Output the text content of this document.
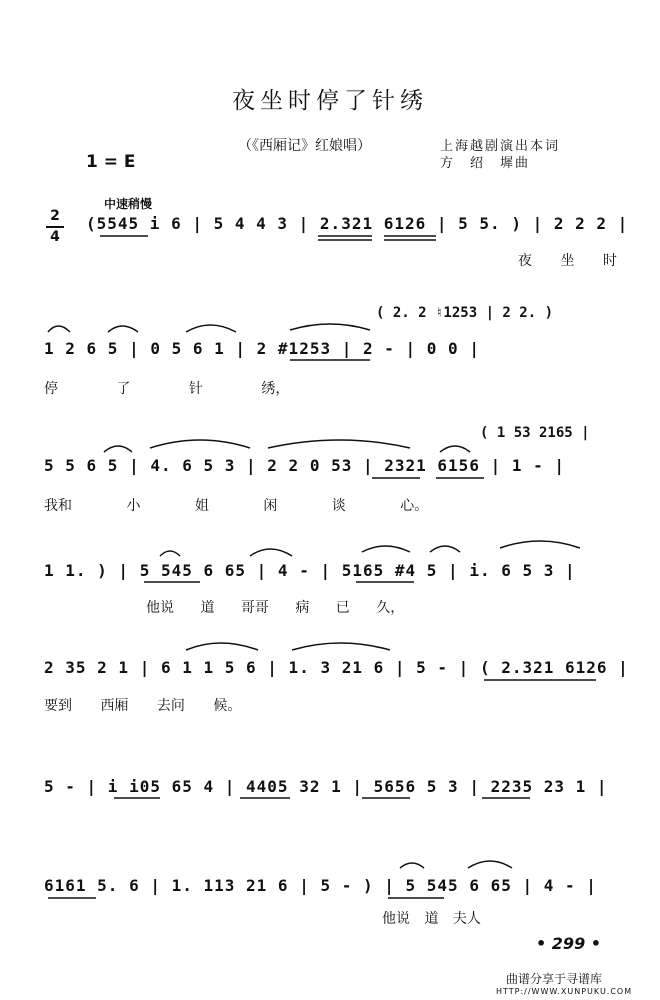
夜坐时停了针绣
（《西厢记》红娘唱）	上海越剧演出本词
方　绍　墀曲
1 = E
中速稍慢
2
4
(5545 i 6 | 5 4 4 3 | 2.321 6126 | 5 5. ) | 2 2 2 |
夜 坐 时
( 2. 2 ♮1253 | 2 2. )
1 2 6 5 | 0 5 6 1 | 2 #1253 | 2 - | 0 0 |
停 了 针 绣，
( 1 53 2165 |
5 5 6 5 | 4. 6 5 3 | 2 2 0 53 | 2321 6156 | 1 - |
我和 小 姐 闲 谈 心。
1 1. ) | 5 545 6 65 | 4 - | 5165 #4 5 | i. 6 5 3 |
他说 道 哥哥 病 已 久，
2 35 2 1 | 6 1 1 5 6 | 1. 3 21 6 | 5 - | ( 2.321 6126 |
要到 西厢 去问 候。
5 - | i i05 65 4 | 4405 32 1 | 5656 5 3 | 2235 23 1 |
6161 5. 6 | 1. 113 21 6 | 5 - ) | 5 545 6 65 | 4 - |
他说 道 夫人
• 299 •
曲谱分享于寻谱库
HTTP://WWW.XUNPUKU.COM
